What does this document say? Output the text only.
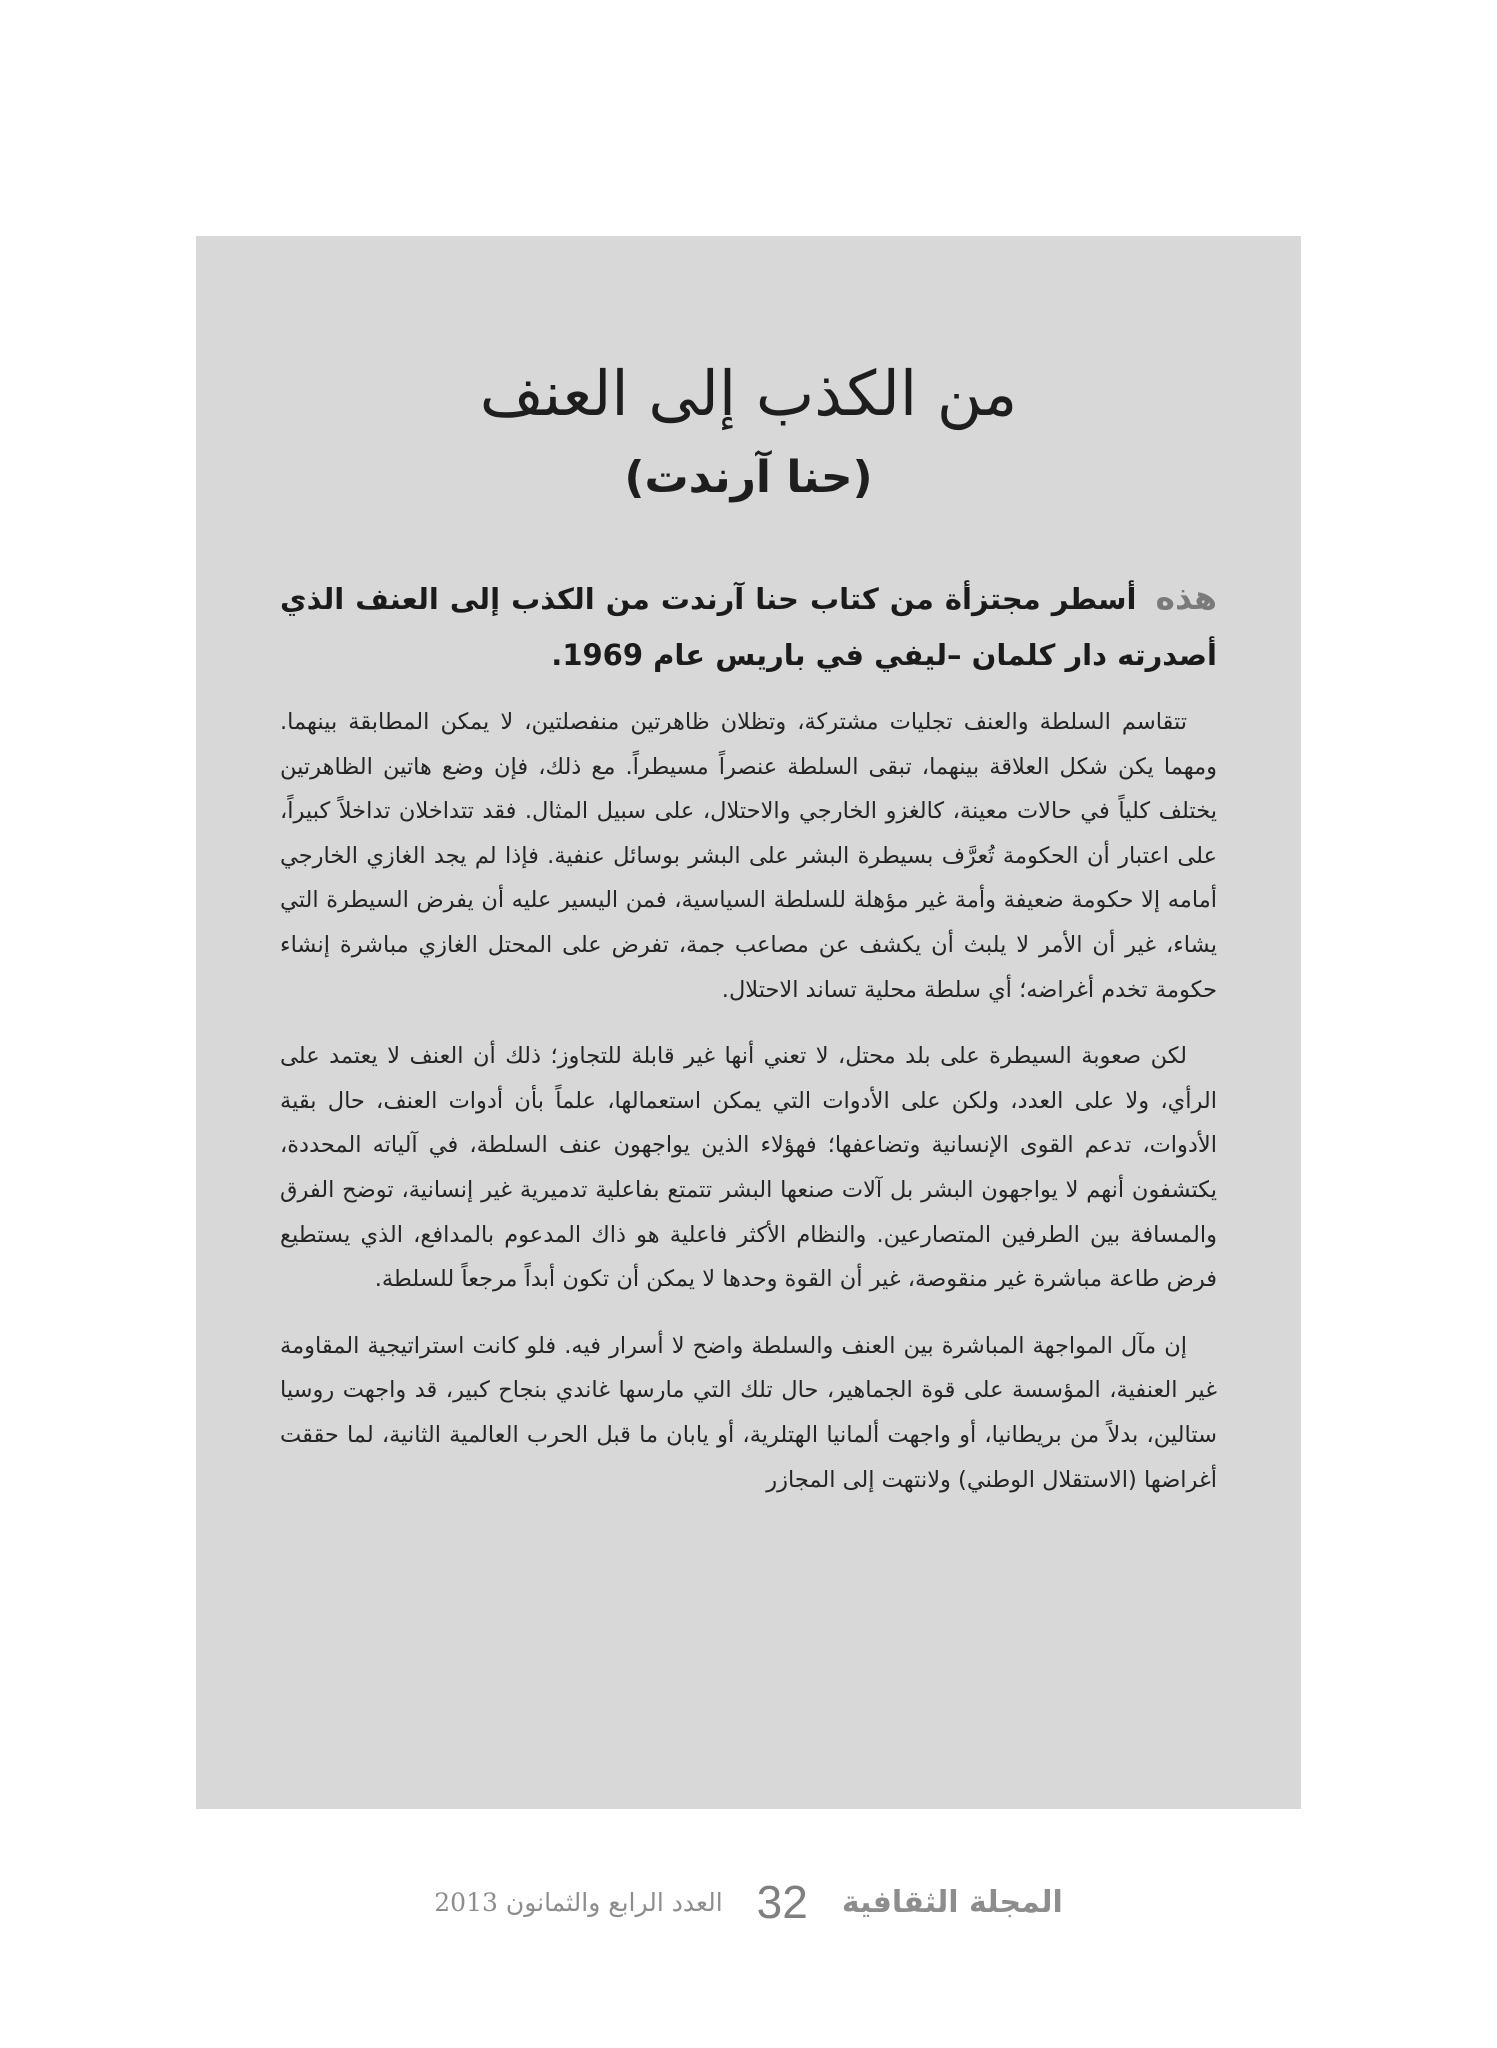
من الكذب إلى العنف
(حنا آرندت)
هذه أسطر مجتزأة من كتاب حنا آرندت من الكذب إلى العنف الذي أصدرته دار كلمان –ليفي في باريس عام 1969.

تتقاسم السلطة والعنف تجليات مشتركة، وتظلان ظاهرتين منفصلتين، لا يمكن المطابقة بينهما. ومهما يكن شكل العلاقة بينهما، تبقى السلطة عنصراً مسيطراً. مع ذلك، فإن وضع هاتين الظاهرتين يختلف كلياً في حالات معينة، كالغزو الخارجي والاحتلال، على سبيل المثال. فقد تتداخلان تداخلاً كبيراً، على اعتبار أن الحكومة تُعرَّف بسيطرة البشر على البشر بوسائل عنفية. فإذا لم يجد الغازي الخارجي أمامه إلا حكومة ضعيفة وأمة غير مؤهلة للسلطة السياسية، فمن اليسير عليه أن يفرض السيطرة التي يشاء، غير أن الأمر لا يلبث أن يكشف عن مصاعب جمة، تفرض على المحتل الغازي مباشرة إنشاء حكومة تخدم أغراضه؛ أي سلطة محلية تساند الاحتلال.

لكن صعوبة السيطرة على بلد محتل، لا تعني أنها غير قابلة للتجاوز؛ ذلك أن العنف لا يعتمد على الرأي، ولا على العدد، ولكن على الأدوات التي يمكن استعمالها، علماً بأن أدوات العنف، حال بقية الأدوات، تدعم القوى الإنسانية وتضاعفها؛ فهؤلاء الذين يواجهون عنف السلطة، في آلياته المحددة، يكتشفون أنهم لا يواجهون البشر بل آلات صنعها البشر تتمتع بفاعلية تدميرية غير إنسانية، توضح الفرق والمسافة بين الطرفين المتصارعين. والنظام الأكثر فاعلية هو ذاك المدعوم بالمدافع، الذي يستطيع فرض طاعة مباشرة غير منقوصة، غير أن القوة وحدها لا يمكن أن تكون أبداً مرجعاً للسلطة.

إن مآل المواجهة المباشرة بين العنف والسلطة واضح لا أسرار فيه. فلو كانت استراتيجية المقاومة غير العنفية، المؤسسة على قوة الجماهير، حال تلك التي مارسها غاندي بنجاح كبير، قد واجهت روسيا ستالين، بدلاً من بريطانيا، أو واجهت ألمانيا الهتلرية، أو يابان ما قبل الحرب العالمية الثانية، لما حققت أغراضها (الاستقلال الوطني) ولانتهت إلى المجازر

المجلة الثقافية
32
العدد الرابع والثمانون 2013
